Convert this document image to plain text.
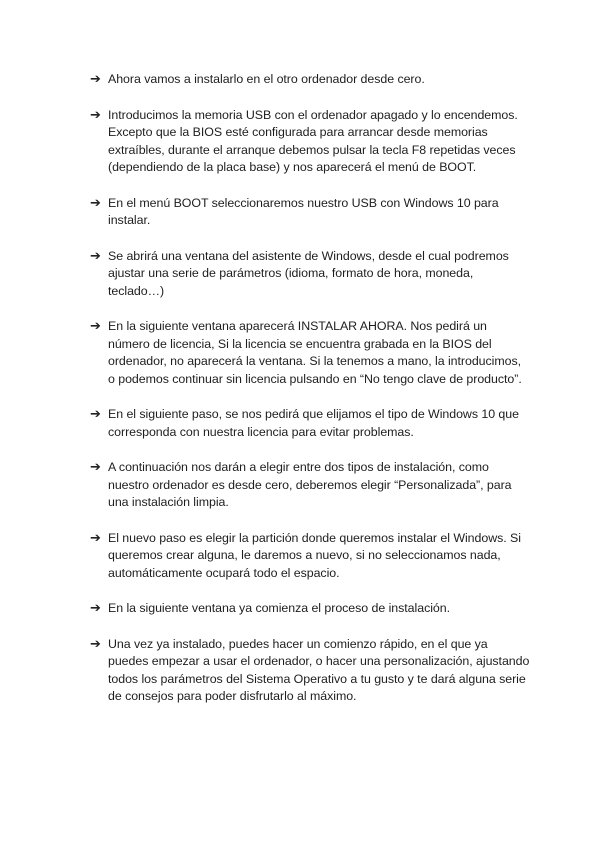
➔ Ahora vamos a instalarlo en el otro ordenador desde cero.
➔ Introducimos la memoria USB con el ordenador apagado y lo encendemos. Excepto que la BIOS esté configurada para arrancar desde memorias extraíbles, durante el arranque debemos pulsar la tecla F8 repetidas veces (dependiendo de la placa base) y nos aparecerá el menú de BOOT.
➔ En el menú BOOT seleccionaremos nuestro USB con Windows 10 para instalar.
➔ Se abrirá una ventana del asistente de Windows, desde el cual podremos ajustar una serie de parámetros (idioma, formato de hora, moneda, teclado…)
➔ En la siguiente ventana aparecerá INSTALAR AHORA. Nos pedirá un número de licencia, Si la licencia se encuentra grabada en la BIOS del ordenador, no aparecerá la ventana. Si la tenemos a mano, la introducimos, o podemos continuar sin licencia pulsando en “No tengo clave de producto”.
➔ En el siguiente paso, se nos pedirá que elijamos el tipo de Windows 10 que corresponda con nuestra licencia para evitar problemas.
➔ A continuación nos darán a elegir entre dos tipos de instalación, como nuestro ordenador es desde cero, deberemos elegir “Personalizada”, para una instalación limpia.
➔ El nuevo paso es elegir la partición donde queremos instalar el Windows. Si queremos crear alguna, le daremos a nuevo, si no seleccionamos nada, automáticamente ocupará todo el espacio.
➔ En la siguiente ventana ya comienza el proceso de instalación.
➔ Una vez ya instalado, puedes hacer un comienzo rápido, en el que ya puedes empezar a usar el ordenador, o hacer una personalización, ajustando todos los parámetros del Sistema Operativo a tu gusto y te dará alguna serie de consejos para poder disfrutarlo al máximo.
